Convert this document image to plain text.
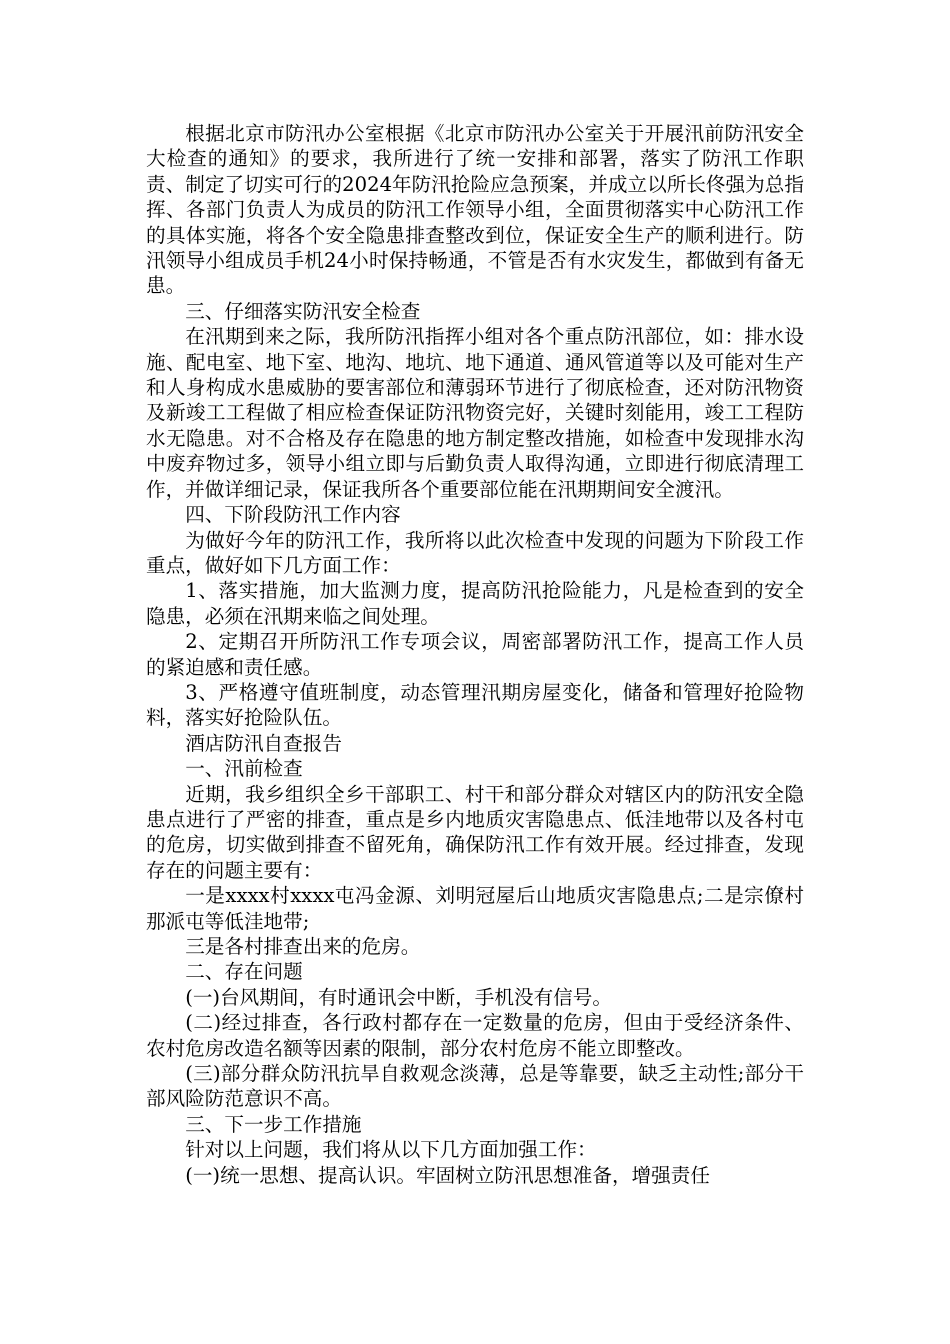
根据北京市防汛办公室根据《北京市防汛办公室关于开展汛前防汛安全大检查的通知》的要求，我所进行了统一安排和部署，落实了防汛工作职责、制定了切实可行的2024年防汛抢险应急预案，并成立以所长佟强为总指挥、各部门负责人为成员的防汛工作领导小组，全面贯彻落实中心防汛工作的具体实施，将各个安全隐患排查整改到位，保证安全生产的顺利进行。防汛领导小组成员手机24小时保持畅通，不管是否有水灾发生，都做到有备无患。

三、仔细落实防汛安全检查

在汛期到来之际，我所防汛指挥小组对各个重点防汛部位，如：排水设施、配电室、地下室、地沟、地坑、地下通道、通风管道等以及可能对生产和人身构成水患威胁的要害部位和薄弱环节进行了彻底检查，还对防汛物资及新竣工工程做了相应检查保证防汛物资完好，关键时刻能用，竣工工程防水无隐患。对不合格及存在隐患的地方制定整改措施，如检查中发现排水沟中废弃物过多，领导小组立即与后勤负责人取得沟通，立即进行彻底清理工作，并做详细记录，保证我所各个重要部位能在汛期期间安全渡汛。

四、下阶段防汛工作内容

为做好今年的防汛工作，我所将以此次检查中发现的问题为下阶段工作重点，做好如下几方面工作：

1、落实措施，加大监测力度，提高防汛抢险能力，凡是检查到的安全隐患，必须在汛期来临之间处理。

2、定期召开所防汛工作专项会议，周密部署防汛工作，提高工作人员的紧迫感和责任感。

3、严格遵守值班制度，动态管理汛期房屋变化，储备和管理好抢险物料，落实好抢险队伍。

酒店防汛自查报告

一、汛前检查

近期，我乡组织全乡干部职工、村干和部分群众对辖区内的防汛安全隐患点进行了严密的排查，重点是乡内地质灾害隐患点、低洼地带以及各村屯的危房，切实做到排查不留死角，确保防汛工作有效开展。经过排查，发现存在的问题主要有：

一是xxxx村xxxx屯冯金源、刘明冠屋后山地质灾害隐患点;二是宗僚村那派屯等低洼地带;

三是各村排查出来的危房。

二、存在问题

(一)台风期间，有时通讯会中断，手机没有信号。

(二)经过排查，各行政村都存在一定数量的危房，但由于受经济条件、农村危房改造名额等因素的限制，部分农村危房不能立即整改。

(三)部分群众防汛抗旱自救观念淡薄，总是等靠要，缺乏主动性;部分干部风险防范意识不高。

三、下一步工作措施

针对以上问题，我们将从以下几方面加强工作：

(一)统一思想、提高认识。牢固树立防汛思想准备，增强责任
